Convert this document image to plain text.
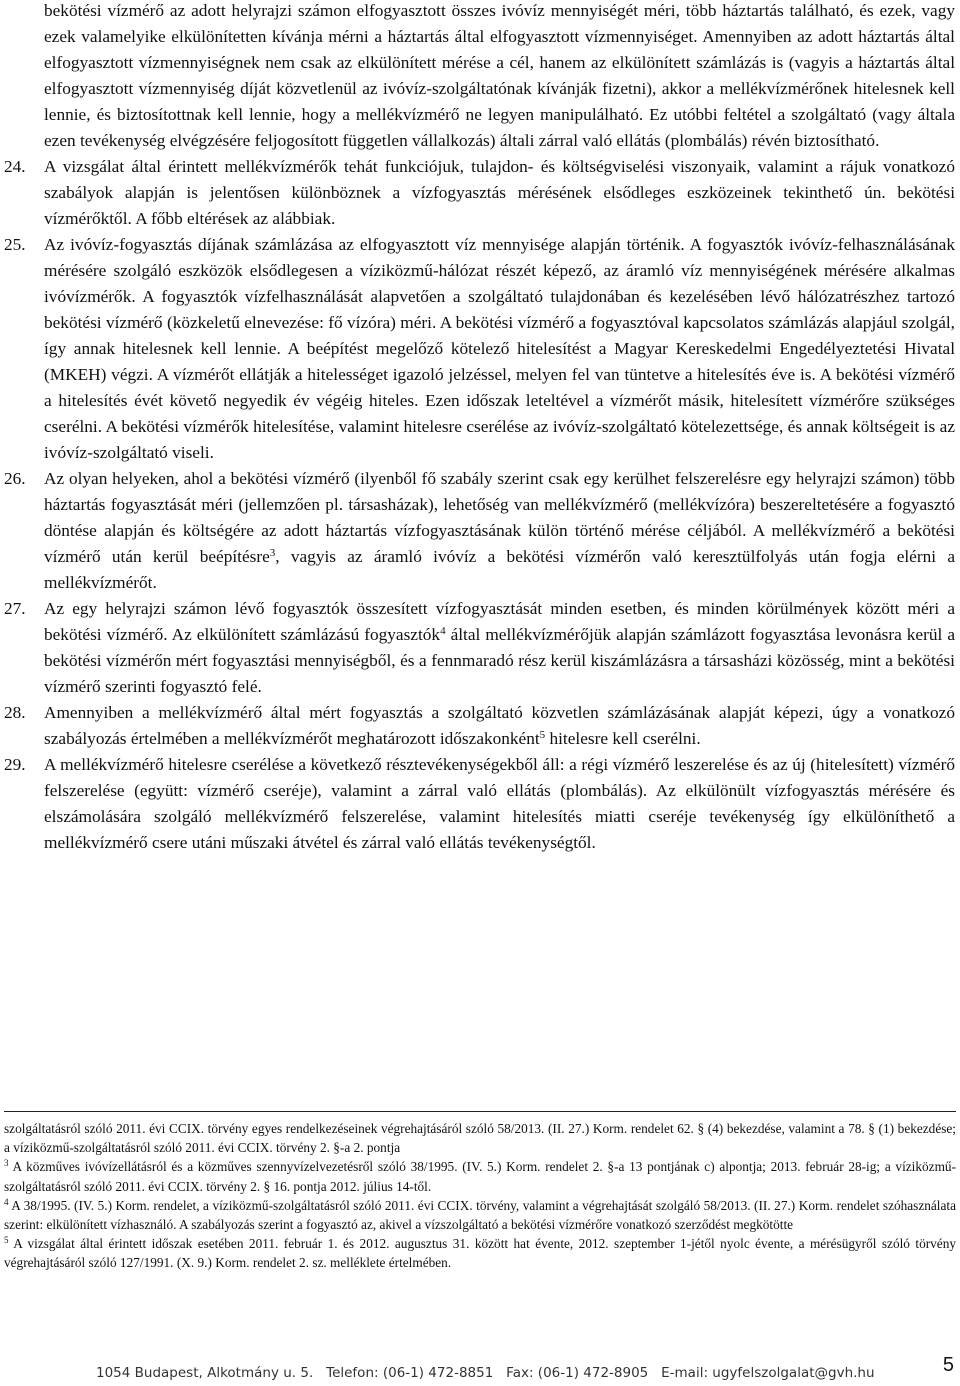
bekötési vízmérő az adott helyrajzi számon elfogyasztott összes ivóvíz mennyiségét méri, több háztartás található, és ezek, vagy ezek valamelyike elkülönítetten kívánja mérni a háztartás által elfogyasztott vízmennyiséget. Amennyiben az adott háztartás által elfogyasztott vízmennyiségnek nem csak az elkülönített mérése a cél, hanem az elkülönített számlázás is (vagyis a háztartás által elfogyasztott vízmennyiség díját közvetlenül az ivóvíz-szolgáltatónak kívánják fizetni), akkor a mellékvízmérőnek hitelesnek kell lennie, és biztosítottnak kell lennie, hogy a mellékvízmérő ne legyen manipulálható. Ez utóbbi feltétel a szolgáltató (vagy általa ezen tevékenység elvégzésére feljogosított független vállalkozás) általi zárral való ellátás (plombálás) révén biztosítható.

24.	A vizsgálat által érintett mellékvízmérők tehát funkciójuk, tulajdon- és költségviselési viszonyaik, valamint a rájuk vonatkozó szabályok alapján is jelentősen különböznek a vízfogyasztás mérésének elsődleges eszközeinek tekinthető ún. bekötési vízmérőktől. A főbb eltérések az alábbiak.
25.	Az ivóvíz-fogyasztás díjának számlázása az elfogyasztott víz mennyisége alapján történik. A fogyasztók ivóvíz-felhasználásának mérésére szolgáló eszközök elsődlegesen a víziközmű-hálózat részét képező, az áramló víz mennyiségének mérésére alkalmas ivóvízmérők. A fogyasztók vízfelhasználását alapvetően a szolgáltató tulajdonában és kezelésében lévő hálózatrészhez tartozó bekötési vízmérő (közkeletű elnevezése: fő vízóra) méri. A bekötési vízmérő a fogyasztóval kapcsolatos számlázás alapjául szolgál, így annak hitelesnek kell lennie. A beépítést megelőző kötelező hitelesítést a Magyar Kereskedelmi Engedélyeztetési Hivatal (MKEH) végzi. A vízmérőt ellátják a hitelességet igazoló jelzéssel, melyen fel van tüntetve a hitelesítés éve is. A bekötési vízmérő a hitelesítés évét követő negyedik év végéig hiteles. Ezen időszak leteltével a vízmérőt másik, hitelesített vízmérőre szükséges cserélni. A bekötési vízmérők hitelesítése, valamint hitelesre cserélése az ivóvíz-szolgáltató kötelezettsége, és annak költségeit is az ivóvíz-szolgáltató viseli.
26.	Az olyan helyeken, ahol a bekötési vízmérő (ilyenből fő szabály szerint csak egy kerülhet felszerelésre egy helyrajzi számon) több háztartás fogyasztását méri (jellemzően pl. társasházak), lehetőség van mellékvízmérő (mellékvízóra) beszereltetésére a fogyasztó döntése alapján és költségére az adott háztartás vízfogyasztásának külön történő mérése céljából. A mellékvízmérő a bekötési vízmérő után kerül beépítésre$^3$, vagyis az áramló ivóvíz a bekötési vízmérőn való keresztülfolyás után fogja elérni a mellékvízmérőt.
27.	Az egy helyrajzi számon lévő fogyasztók összesített vízfogyasztását minden esetben, és minden körülmények között méri a bekötési vízmérő. Az elkülönített számlázású fogyasztók$^4$ által mellékvízmérőjük alapján számlázott fogyasztása levonásra kerül a bekötési vízmérőn mért fogyasztási mennyiségből, és a fennmaradó rész kerül kiszámlázásra a társasházi közösség, mint a bekötési vízmérő szerinti fogyasztó felé.
28.	Amennyiben a mellékvízmérő által mért fogyasztás a szolgáltató közvetlen számlázásának alapját képezi, úgy a vonatkozó szabályozás értelmében a mellékvízmérőt meghatározott időszakonként$^5$ hitelesre kell cserélni.
29.	A mellékvízmérő hitelesre cserélése a következő résztevékenységekből áll: a régi vízmérő leszerelése és az új (hitelesített) vízmérő felszerelése (együtt: vízmérő cseréje), valamint a zárral való ellátás (plombálás). Az elkülönült vízfogyasztás mérésére és elszámolására szolgáló mellékvízmérő felszerelése, valamint hitelesítés miatti cseréje tevékenység így elkülöníthető a mellékvízmérő csere utáni műszaki átvétel és zárral való ellátás tevékenységtől.

szolgáltatásról szóló 2011. évi CCIX. törvény egyes rendelkezéseinek végrehajtásáról szóló 58/2013. (II. 27.) Korm. rendelet 62. § (4) bekezdése, valamint a 78. § (1) bekezdése; a víziközmű-szolgáltatásról szóló 2011. évi CCIX. törvény 2. §-a 2. pontja

$^3$ A közműves ivóvízellátásról és a közműves szennyvízelvezetésről szóló 38/1995. (IV. 5.) Korm. rendelet 2. §-a 13 pontjának c) alpontja; 2013. február 28-ig; a víziközmű-szolgáltatásról szóló 2011. évi CCIX. törvény 2. § 16. pontja 2012. július 14-től.

$^4$ A 38/1995. (IV. 5.) Korm. rendelet, a víziközmű-szolgáltatásról szóló 2011. évi CCIX. törvény, valamint a végrehajtását szolgáló 58/2013. (II. 27.) Korm. rendelet szóhasználata szerint: elkülönített vízhasználó. A szabályozás szerint a fogyasztó az, akivel a vízszolgáltató a bekötési vízmérőre vonatkozó szerződést megkötötte

$^5$ A vizsgálat által érintett időszak esetében 2011. február 1. és 2012. augusztus 31. között hat évente, 2012. szeptember 1-jétől nyolc évente, a mérésügyről szóló törvény végrehajtásáról szóló 127/1991. (X. 9.) Korm. rendelet 2. sz. melléklete értelmében.

1054 Budapest, Alkotmány u. 5.   Telefon: (06-1) 472-8851   Fax: (06-1) 472-8905   E-mail: ugyfelszolgalat@gvh.hu	5
